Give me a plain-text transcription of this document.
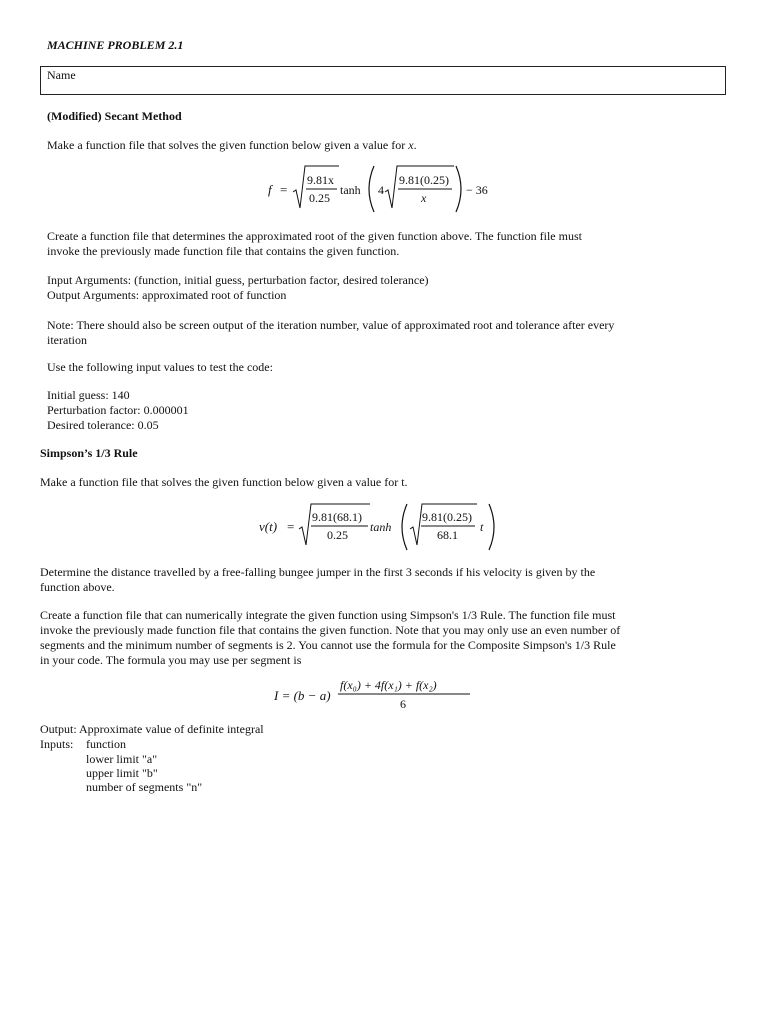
MACHINE PROBLEM 2.1
Name
(Modified) Secant Method
Make a function file that solves the given function below given a value for x.
f =
9.81x
0.25
tanh 4
9.81(0.25)
x
− 36
Create a function file that determines the approximated root of the given function above. The function file must
invoke the previously made function file that contains the given function.
Input Arguments: (function, initial guess, perturbation factor, desired tolerance)
Output Arguments: approximated root of function
Note: There should also be screen output of the iteration number, value of approximated root and tolerance after every
iteration
Use the following input values to test the code:
Initial guess: 140
Perturbation factor: 0.000001
Desired tolerance: 0.05
Simpson’s 1/3 Rule
Make a function file that solves the given function below given a value for t.
v(t) =
9.81(68.1)
0.25
tanh
9.81(0.25)
68.1
t
Determine the distance travelled by a free-falling bungee jumper in the first 3 seconds if his velocity is given by the
function above.
Create a function file that can numerically integrate the given function using Simpson's 1/3 Rule. The function file must
invoke the previously made function file that contains the given function. Note that you may only use an even number of
segments and the minimum number of segments is 2. You cannot use the formula for the Composite Simpson's 1/3 Rule
in your code. The formula you may use per segment is
I = (b − a)
f(x₀) + 4f(x₁) + f(x₂)
6
Output: Approximate value of definite integral
Inputs: function
lower limit "a"
upper limit "b"
number of segments "n"
